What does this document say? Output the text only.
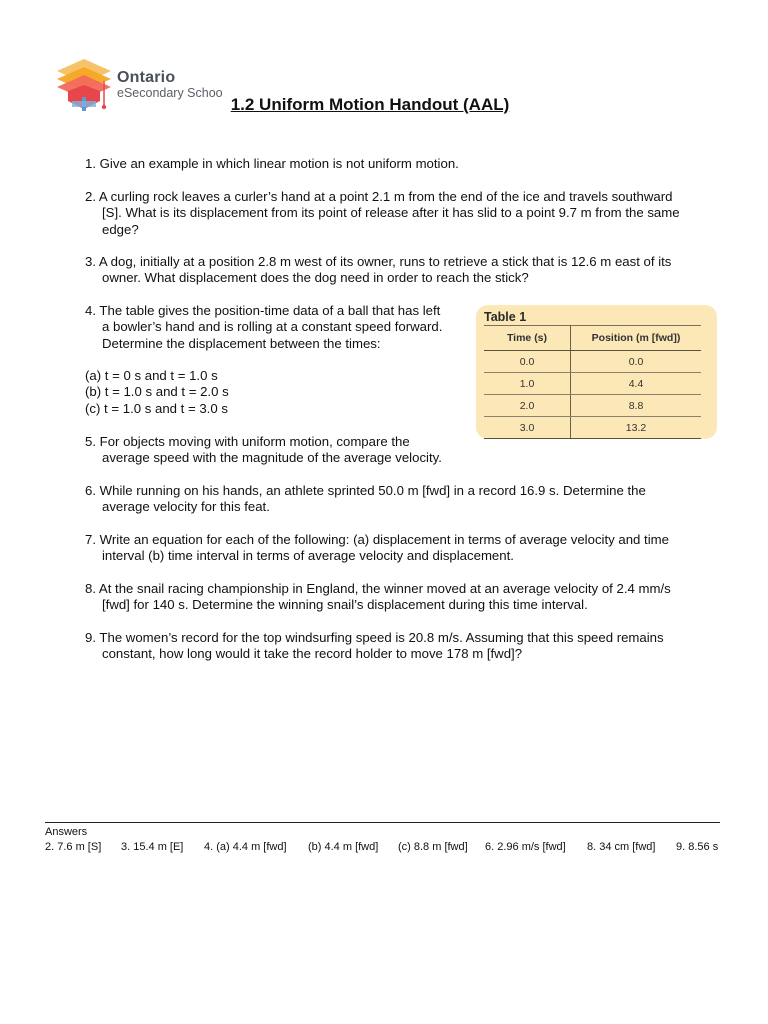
Ontario
eSecondary Schoo
1.2 Uniform Motion Handout (AAL)

1. Give an example in which linear motion is not uniform motion.

2. A curling rock leaves a curler’s hand at a point 2.1 m from the end of the ice and travels southward
[S]. What is its displacement from its point of release after it has slid to a point 9.7 m from the same edge?

3. A dog, initially at a position 2.8 m west of its owner, runs to retrieve a stick that is 12.6 m east of its
owner. What displacement does the dog need in order to reach the stick?

4. The table gives the position-time data of a ball that has left
a bowler’s hand and is rolling at a constant speed forward. Determine the displacement between the times:

(a) t = 0 s and t = 1.0 s
(b) t = 1.0 s and t = 2.0 s
(c) t = 1.0 s and t = 3.0 s
Table 1
Time (s)	Position (m [fwd])
0.0	0.0
1.0	4.4
2.0	8.8
3.0	13.2

5. For objects moving with uniform motion, compare the
average speed with the magnitude of the average velocity.

6. While running on his hands, an athlete sprinted 50.0 m [fwd] in a record 16.9 s. Determine the
average velocity for this feat.

7. Write an equation for each of the following: (a) displacement in terms of average velocity and time
interval (b) time interval in terms of average velocity and displacement.

8. At the snail racing championship in England, the winner moved at an average velocity of 2.4 mm/s
[fwd] for 140 s. Determine the winning snail’s displacement during this time interval.

9. The women’s record for the top windsurfing speed is 20.8 m/s. Assuming that this speed remains
constant, how long would it take the record holder to move 178 m [fwd]?

Answers
2. 7.6 m [S] 3. 15.4 m [E] 4. (a) 4.4 m [fwd] (b) 4.4 m [fwd] (c) 8.8 m [fwd] 6. 2.96 m/s [fwd] 8. 34 cm [fwd] 9. 8.56 s
